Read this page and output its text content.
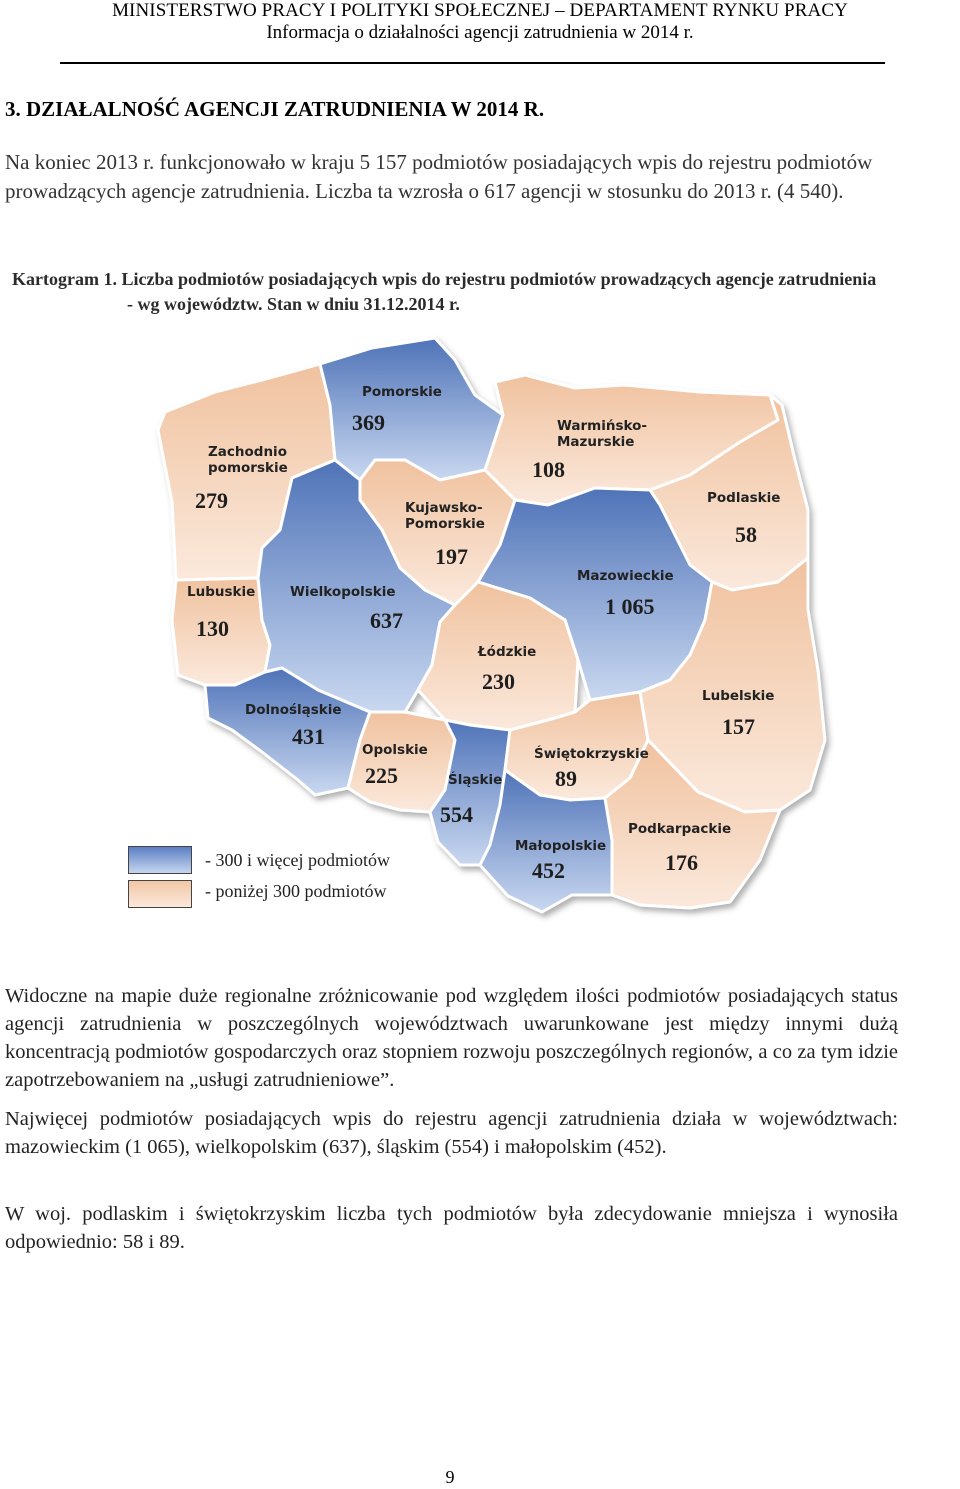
MINISTERSTWO PRACY I POLITYKI SPOŁECZNEJ – DEPARTAMENT RYNKU PRACY
Informacja o działalności agencji zatrudnienia w 2014 r.
3. DZIAŁALNOŚĆ AGENCJI ZATRUDNIENIA W 2014 R.
Na koniec 2013 r. funkcjonowało w kraju 5 157 podmiotów posiadających wpis do rejestru podmiotów prowadzących agencje zatrudnienia. Liczba ta wzrosła o 617 agencji w stosunku do 2013 r. (4 540).
Kartogram 1. Liczba podmiotów posiadających wpis do rejestru podmiotów prowadzących agencje zatrudnienia
- wg województw. Stan w dniu 31.12.2014 r.
Pomorskie
369
Zachodnio pomorskie
279
Warmińsko-Mazurskie
108
Podlaskie
58
Kujawsko-Pomorskie
197
Lubuskie
130
Wielkopolskie
637
Mazowieckie
1 065
Łódzkie
230
Dolnośląskie
431
Opolskie
225	Śląskie
554
Świętokrzyskie
89
Lubelskie
157
Małopolskie
452
Podkarpackie
176
- 300 i więcej podmiotów
- poniżej 300 podmiotów
Widoczne na mapie duże regionalne zróżnicowanie pod względem ilości podmiotów posiadających status agencji zatrudnienia w poszczególnych województwach uwarunkowane jest między innymi dużą koncentracją podmiotów gospodarczych oraz stopniem rozwoju poszczególnych regionów, a co za tym idzie zapotrzebowaniem na „usługi zatrudnieniowe”.
Najwięcej podmiotów posiadających wpis do rejestru agencji zatrudnienia działa w województwach: mazowieckim (1 065), wielkopolskim (637), śląskim (554) i małopolskim (452).
W woj. podlaskim i świętokrzyskim liczba tych podmiotów była zdecydowanie mniejsza i wynosiła odpowiednio: 58 i 89.
9
